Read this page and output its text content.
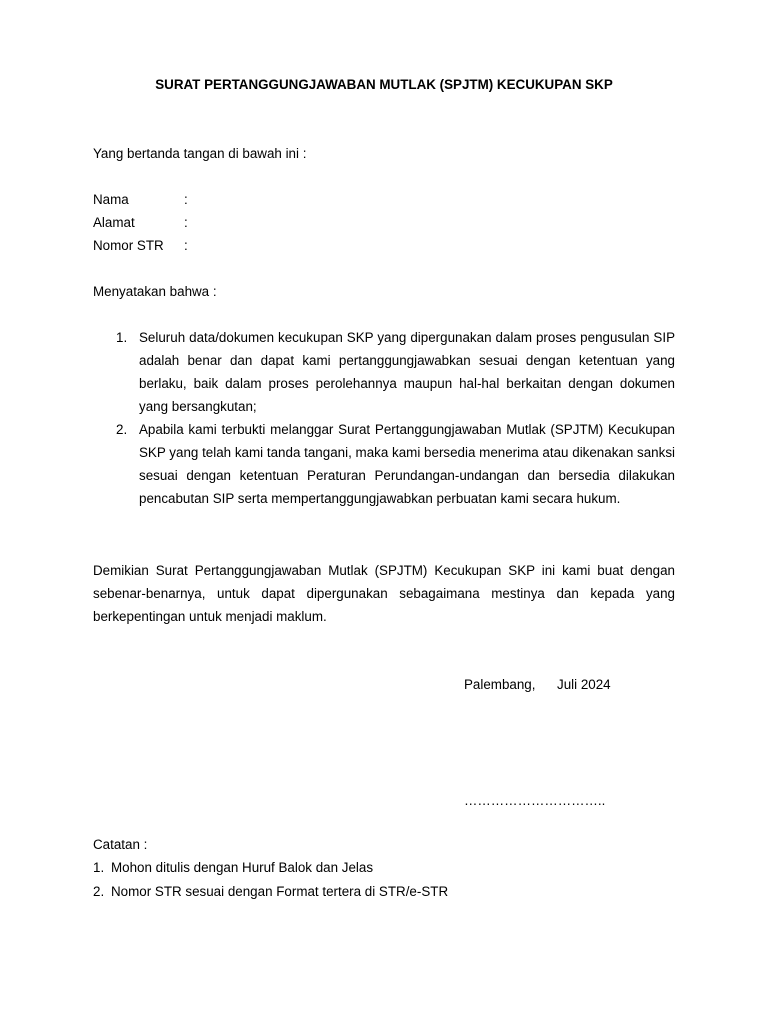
SURAT PERTANGGUNGJAWABAN MUTLAK (SPJTM) KECUKUPAN SKP
Yang bertanda tangan di bawah ini :
Nama	:
Alamat	:
Nomor STR :
Menyatakan bahwa :
1. Seluruh data/dokumen kecukupan SKP yang dipergunakan dalam proses pengusulan SIP adalah benar dan dapat kami pertanggungjawabkan sesuai dengan ketentuan yang berlaku, baik dalam proses perolehannya maupun hal-hal berkaitan dengan dokumen yang bersangkutan;
2. Apabila kami terbukti melanggar Surat Pertanggungjawaban Mutlak (SPJTM) Kecukupan SKP yang telah kami tanda tangani, maka kami bersedia menerima atau dikenakan sanksi sesuai dengan ketentuan Peraturan Perundangan-undangan dan bersedia dilakukan pencabutan SIP serta mempertanggungjawabkan perbuatan kami secara hukum.
Demikian Surat Pertanggungjawaban Mutlak (SPJTM) Kecukupan SKP ini kami buat dengan sebenar-benarnya, untuk dapat dipergunakan sebagaimana mestinya dan kepada yang berkepentingan untuk menjadi maklum.
Palembang, Juli 2024
…………………………..
Catatan :
1. Mohon ditulis dengan Huruf Balok dan Jelas
2. Nomor STR sesuai dengan Format tertera di STR/e-STR
